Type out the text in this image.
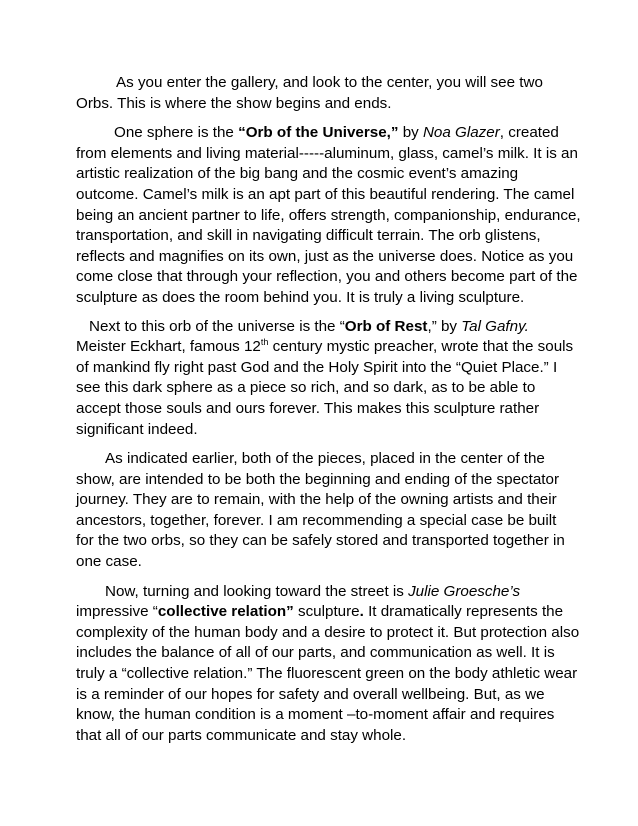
As you enter the gallery, and look to the center, you will see two
Orbs. This is where the show begins and ends.
One sphere is the “Orb of the Universe,” by Noa Glazer, created
from elements and living material-----aluminum, glass, camel’s milk. It is an
artistic realization of the big bang and the cosmic event’s amazing
outcome. Camel’s milk is an apt part of this beautiful rendering. The camel
being an ancient partner to life, offers strength, companionship, endurance,
transportation, and skill in navigating difficult terrain. The orb glistens,
reflects and magnifies on its own, just as the universe does. Notice as you
come close that through your reflection, you and others become part of the
sculpture as does the room behind you. It is truly a living sculpture.
Next to this orb of the universe is the “Orb of Rest,” by Tal Gafny.
Meister Eckhart, famous 12th century mystic preacher, wrote that the souls
of mankind fly right past God and the Holy Spirit into the “Quiet Place.” I
see this dark sphere as a piece so rich, and so dark, as to be able to
accept those souls and ours forever. This makes this sculpture rather
significant indeed.
As indicated earlier, both of the pieces, placed in the center of the
show, are intended to be both the beginning and ending of the spectator
journey. They are to remain, with the help of the owning artists and their
ancestors, together, forever. I am recommending a special case be built
for the two orbs, so they can be safely stored and transported together in
one case.
Now, turning and looking toward the street is Julie Groesche’s
impressive “collective relation” sculpture. It dramatically represents the
complexity of the human body and a desire to protect it. But protection also
includes the balance of all of our parts, and communication as well. It is
truly a “collective relation.” The fluorescent green on the body athletic wear
is a reminder of our hopes for safety and overall wellbeing. But, as we
know, the human condition is a moment –to-moment affair and requires
that all of our parts communicate and stay whole.
